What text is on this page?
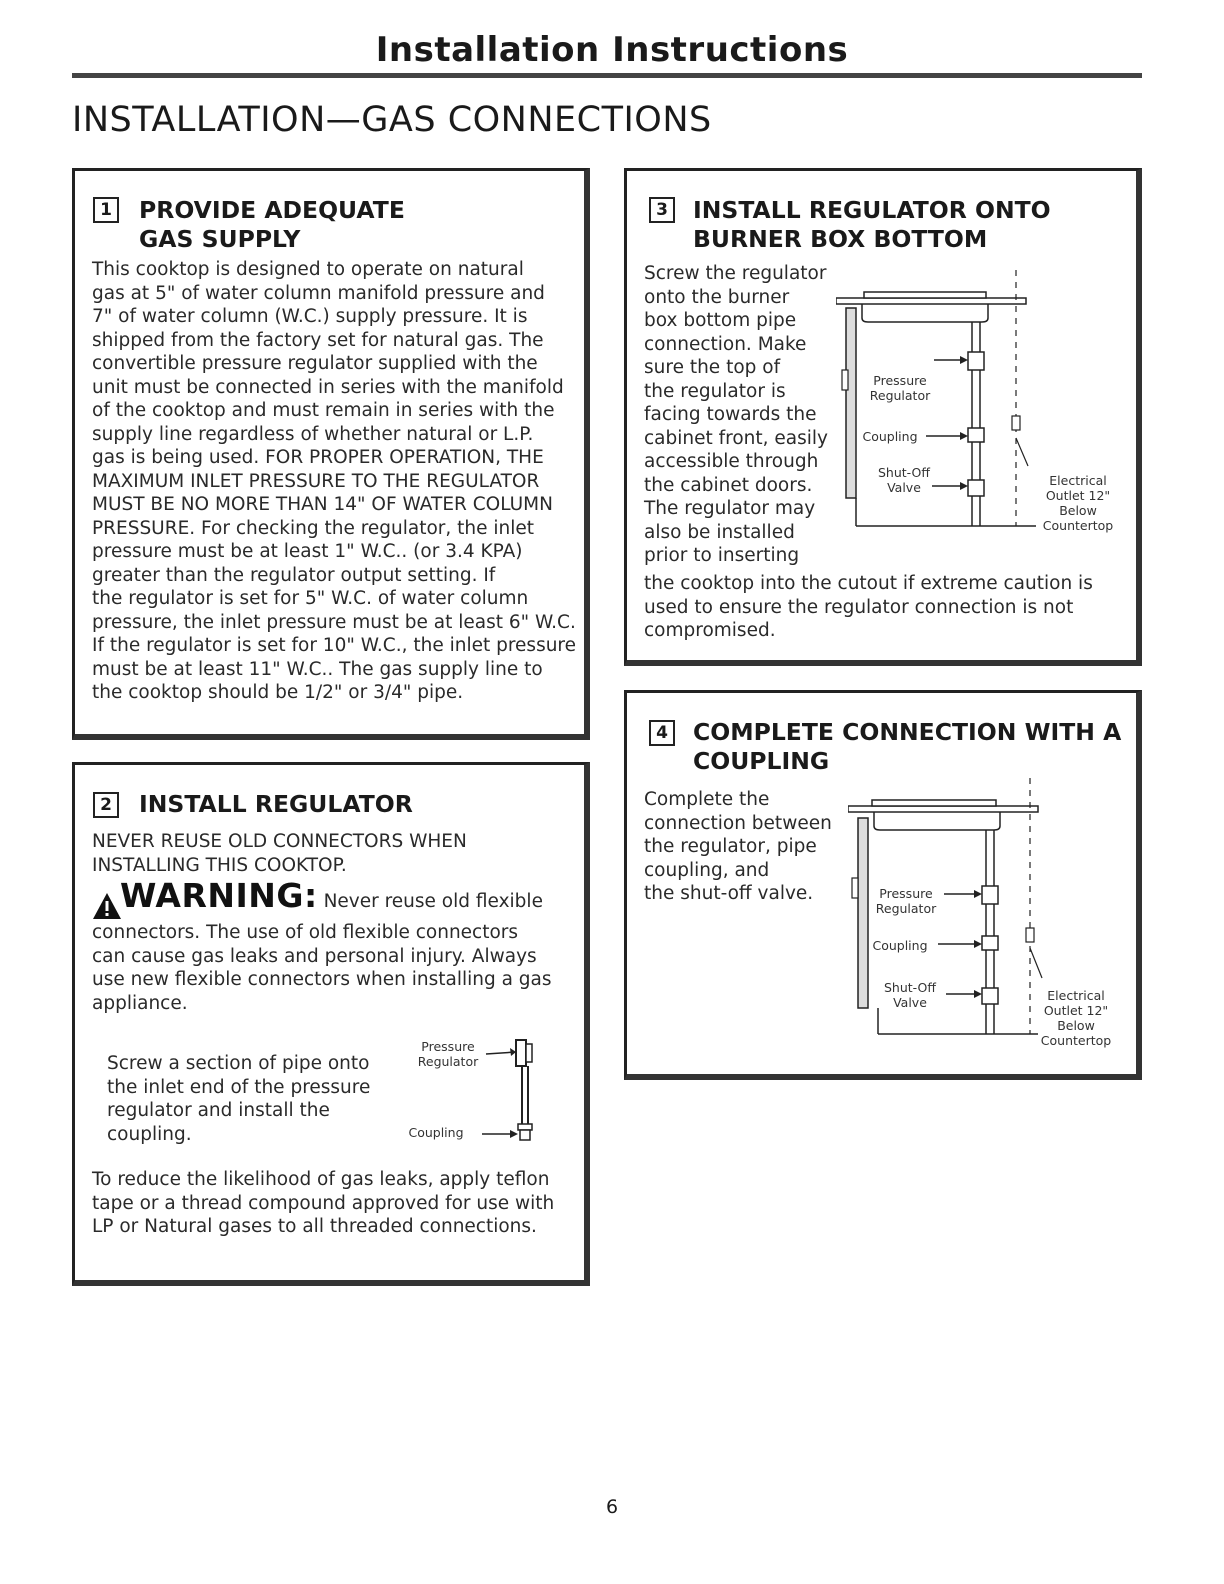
Installation Instructions
INSTALLATION—GAS CONNECTIONS
1	PROVIDE ADEQUATE
GAS SUPPLY

This cooktop is designed to operate on natural

gas at 5" of water column manifold pressure and

7" of water column (W.C.) supply pressure. It is

shipped from the factory set for natural gas. The

convertible pressure regulator supplied with the

unit must be connected in series with the manifold

of the cooktop and must remain in series with the

supply line regardless of whether natural or L.P.

gas is being used. FOR PROPER OPERATION, THE

MAXIMUM INLET PRESSURE TO THE REGULATOR

MUST BE NO MORE THAN 14" OF WATER COLUMN

PRESSURE. For checking the regulator, the inlet

pressure must be at least 1" W.C.. (or 3.4 KPA)

greater than the regulator output setting. If

the regulator is set for 5" W.C. of water column

pressure, the inlet pressure must be at least 6" W.C.

If the regulator is set for 10" W.C., the inlet pressure

must be at least 11" W.C.. The gas supply line to

the cooktop should be 1/2" or 3/4" pipe.

2	INSTALL REGULATOR

NEVER REUSE OLD CONNECTORS WHEN

INSTALLING THIS COOKTOP.

WARNING: Never reuse old flexible

connectors. The use of old flexible connectors

can cause gas leaks and personal injury. Always

use new flexible connectors when installing a gas

appliance.

Screw a section of pipe onto

the inlet end of the pressure

regulator and install the

coupling.

Pressure
Regulator
Coupling

To reduce the likelihood of gas leaks, apply teflon

tape or a thread compound approved for use with

LP or Natural gases to all threaded connections.

3	INSTALL REGULATOR ONTO
BURNER BOX BOTTOM

Screw the regulator

onto the burner

box bottom pipe

connection. Make

sure the top of

the regulator is

facing towards the

cabinet front, easily

accessible through

the cabinet doors.

The regulator may

also be installed

prior to inserting

the cooktop into the cutout if extreme caution is

used to ensure the regulator connection is not

compromised.

Pressure
Regulator
Coupling
Shut-Off
Valve	Electrical
Outlet 12"
Below
Countertop
4	COMPLETE CONNECTION WITH A
COUPLING

Complete the

connection between

the regulator, pipe

coupling, and

the shut-off valve.	Pressure
Regulator
Coupling
Shut-Off
Valve	Electrical
Outlet 12"
Below
Countertop
6
